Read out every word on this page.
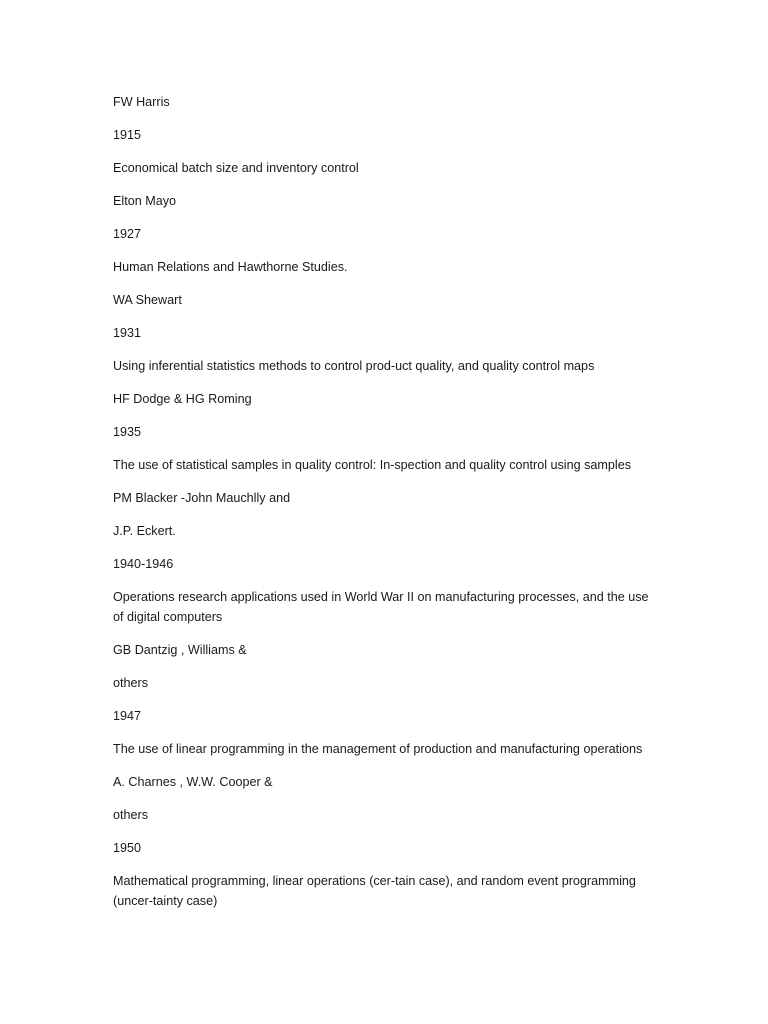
FW Harris

1915

Economical batch size and inventory control

Elton Mayo

1927

Human Relations and Hawthorne Studies.

WA Shewart

1931

Using inferential statistics methods to control prod-uct quality, and quality control maps

HF Dodge & HG Roming

1935

The use of statistical samples in quality control: In-spection and quality control using samples

PM Blacker -John Mauchlly and

J.P. Eckert.

1940-1946

Operations research applications used in World War II on manufacturing processes, and the use of digital computers

GB Dantzig , Williams &

others

1947

The use of linear programming in the management of production and manufacturing operations

A. Charnes , W.W. Cooper &

others

1950

Mathematical programming, linear operations (cer-tain case), and random event programming (uncer-tainty case)
